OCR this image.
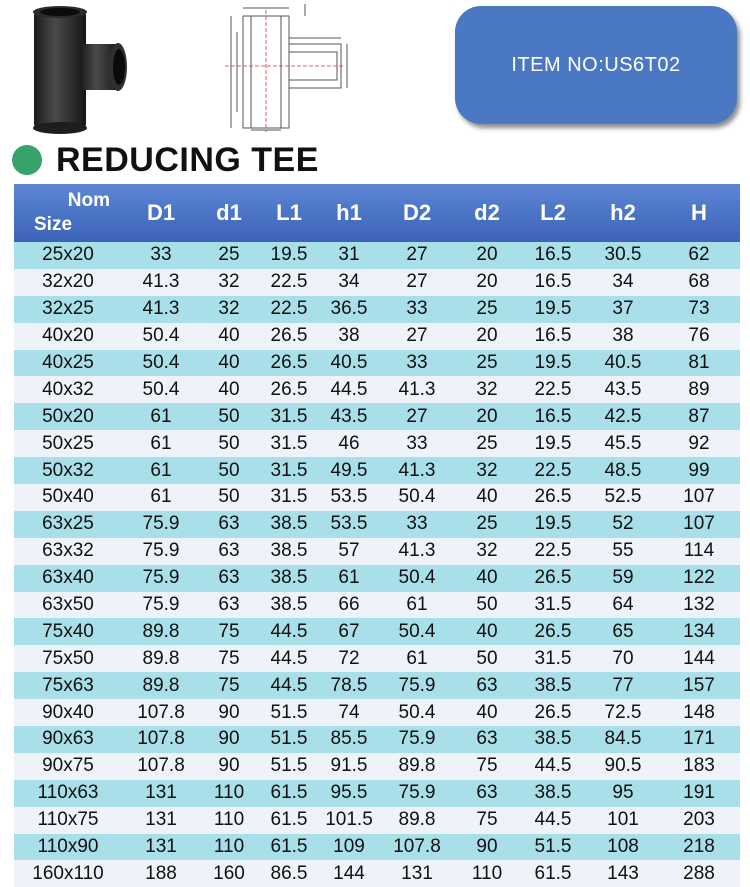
ITEM NO:US6T02
REDUCING TEE
Nom
Size	D1	d1	L1	h1	D2	d2	L2	h2	H
25x20	33	25	19.5	31	27	20	16.5	30.5	62
32x20	41.3	32	22.5	34	27	20	16.5	34	68
32x25	41.3	32	22.5	36.5	33	25	19.5	37	73
40x20	50.4	40	26.5	38	27	20	16.5	38	76
40x25	50.4	40	26.5	40.5	33	25	19.5	40.5	81
40x32	50.4	40	26.5	44.5	41.3	32	22.5	43.5	89
50x20	61	50	31.5	43.5	27	20	16.5	42.5	87
50x25	61	50	31.5	46	33	25	19.5	45.5	92
50x32	61	50	31.5	49.5	41.3	32	22.5	48.5	99
50x40	61	50	31.5	53.5	50.4	40	26.5	52.5	107
63x25	75.9	63	38.5	53.5	33	25	19.5	52	107
63x32	75.9	63	38.5	57	41.3	32	22.5	55	114
63x40	75.9	63	38.5	61	50.4	40	26.5	59	122
63x50	75.9	63	38.5	66	61	50	31.5	64	132
75x40	89.8	75	44.5	67	50.4	40	26.5	65	134
75x50	89.8	75	44.5	72	61	50	31.5	70	144
75x63	89.8	75	44.5	78.5	75.9	63	38.5	77	157
90x40	107.8	90	51.5	74	50.4	40	26.5	72.5	148
90x63	107.8	90	51.5	85.5	75.9	63	38.5	84.5	171
90x75	107.8	90	51.5	91.5	89.8	75	44.5	90.5	183
110x63	131	110	61.5	95.5	75.9	63	38.5	95	191
110x75	131	110	61.5	101.5	89.8	75	44.5	101	203
110x90	131	110	61.5	109	107.8	90	51.5	108	218
160x110	188	160	86.5	144	131	110	61.5	143	288
